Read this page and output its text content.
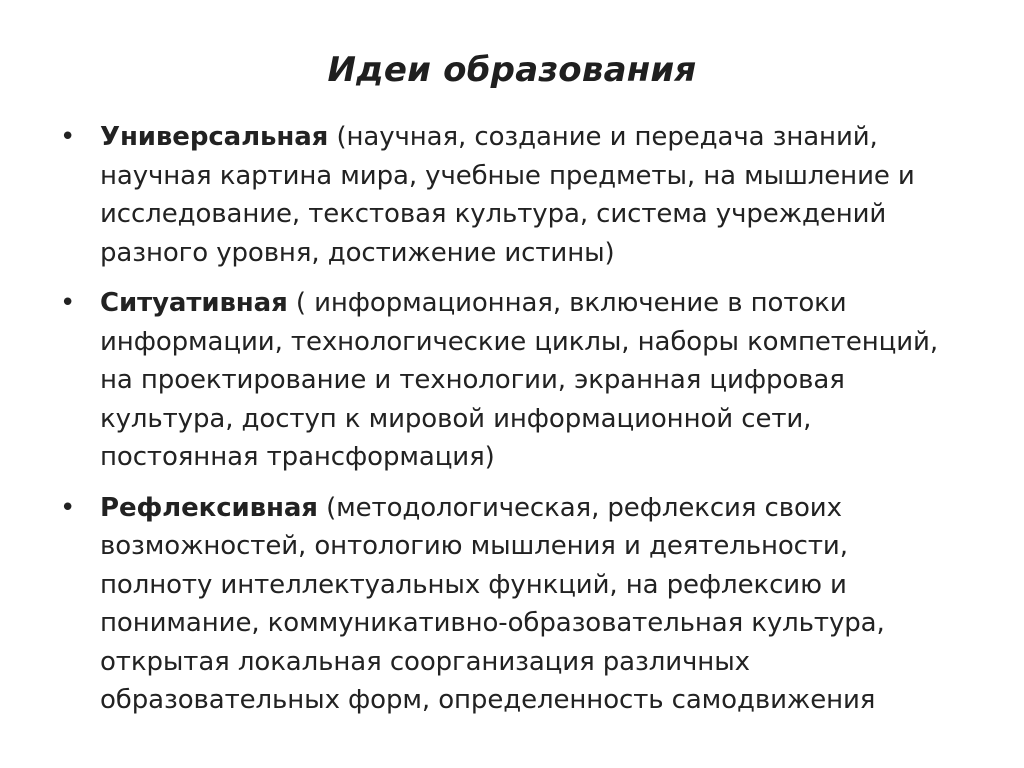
Идеи образования
• Универсальная (научная, создание и передача знаний, научная картина мира, учебные предметы, на мышление и исследование, текстовая культура, система учреждений разного уровня, достижение истины)
• Ситуативная ( информационная, включение в потоки информации, технологические циклы, наборы компетенций, на проектирование и технологии, экранная цифровая культура, доступ к мировой информационной сети, постоянная трансформация)
• Рефлексивная (методологическая, рефлексия своих возможностей, онтологию мышления и деятельности, полноту интеллектуальных функций, на рефлексию и понимание, коммуникативно-образовательная культура, открытая локальная соорганизация различных образовательных форм, определенность самодвижения
